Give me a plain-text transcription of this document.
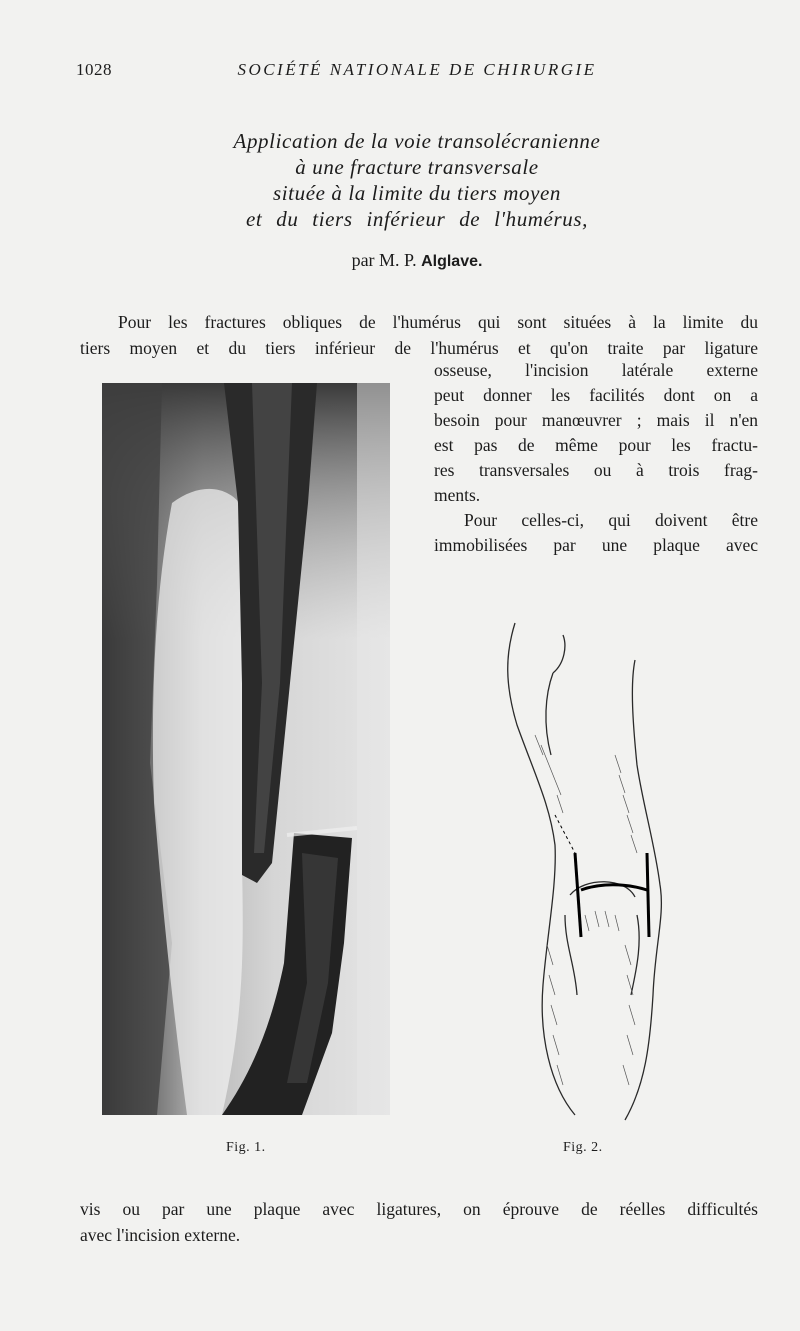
1028	SOCIÉTÉ NATIONALE DE CHIRURGIE
Application de la voie transolécranienne
à une fracture transversale
située à la limite du tiers moyen
et du tiers inférieur de l'humérus,
par M. P. Alglave.
Pour les fractures obliques de l'humérus qui sont situées à la limite du
tiers moyen et du tiers inférieur de l'humérus et qu'on traite par ligature
osseuse, l'incision latérale externe
peut donner les facilités dont on a
besoin pour manœuvrer ; mais il n'en
est pas de même pour les fractu-
res transversales ou à trois frag-
ments.
Pour celles-ci, qui doivent être
immobilisées par une plaque avec
Fig. 1.	Fig. 2.
vis ou par une plaque avec ligatures, on éprouve de réelles difficultés
avec l'incision externe.
